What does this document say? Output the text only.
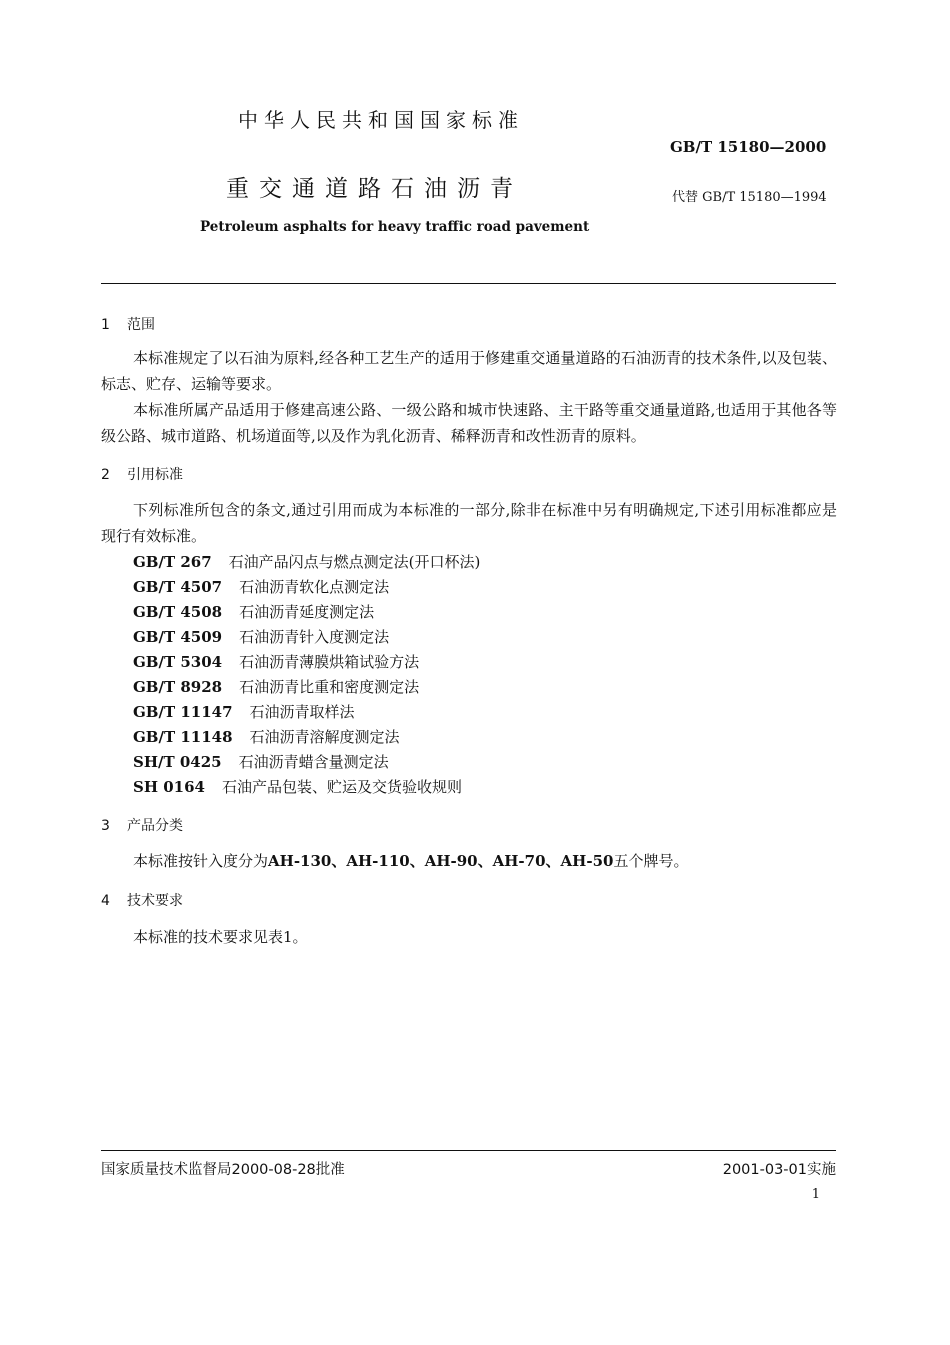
中华人民共和国国家标准
GB/T 15180—2000
重交通道路石油沥青	代替 GB/T 15180—1994
Petroleum asphalts for heavy traffic road pavement
1 范围

本标准规定了以石油为原料,经各种工艺生产的适用于修建重交通量道路的石油沥青的技术条件,以及包装、标志、贮存、运输等要求。

本标准所属产品适用于修建高速公路、一级公路和城市快速路、主干路等重交通量道路,也适用于其他各等级公路、城市道路、机场道面等,以及作为乳化沥青、稀释沥青和改性沥青的原料。

2 引用标准

下列标准所包含的条文,通过引用而成为本标准的一部分,除非在标准中另有明确规定,下述引用标准都应是现行有效标准。

GB/T 267 石油产品闪点与燃点测定法(开口杯法)
GB/T 4507 石油沥青软化点测定法
GB/T 4508 石油沥青延度测定法
GB/T 4509 石油沥青针入度测定法
GB/T 5304 石油沥青薄膜烘箱试验方法
GB/T 8928 石油沥青比重和密度测定法
GB/T 11147 石油沥青取样法
GB/T 11148 石油沥青溶解度测定法
SH/T 0425 石油沥青蜡含量测定法
SH 0164 石油产品包装、贮运及交货验收规则
3 产品分类

本标准按针入度分为AH-130、AH-110、AH-90、AH-70、AH-50五个牌号。

4 技术要求

本标准的技术要求见表1。

国家质量技术监督局2000-08-28批准	2001-03-01实施
1
